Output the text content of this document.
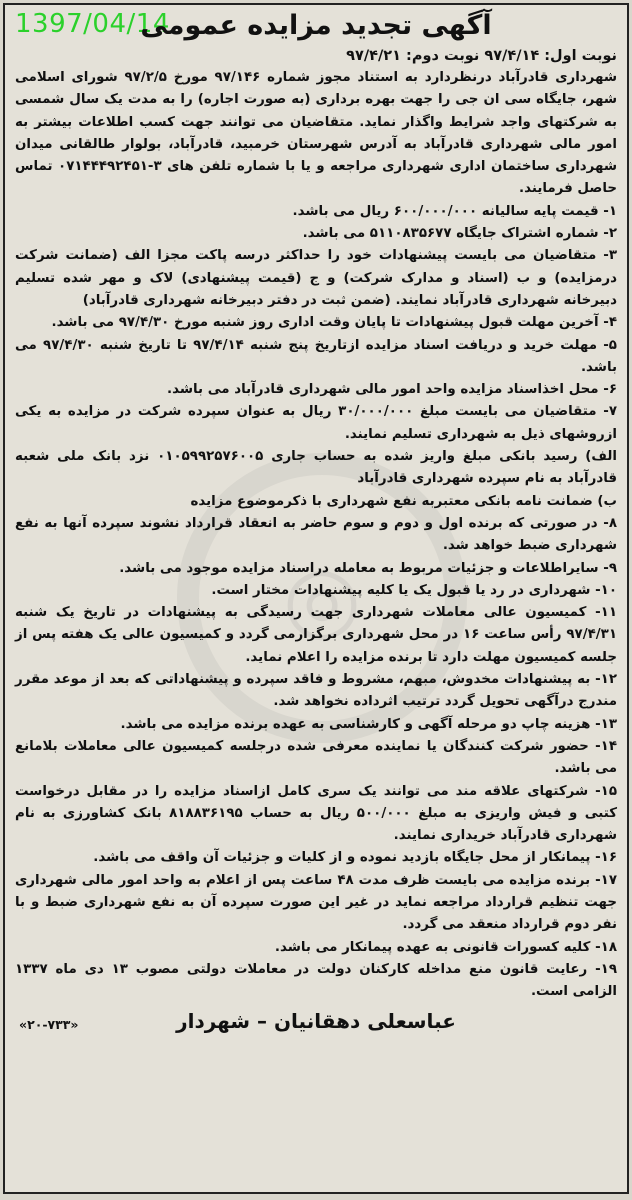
◎
1397/04/14
آگهی تجدید مزایده عمومی
نوبت اول: ۹۷/۴/۱۴ نوبت دوم: ۹۷/۴/۲۱

شهرداری قادرآباد درنظردارد به استناد مجوز شماره ۹۷/۱۴۶ مورخ ۹۷/۲/۵ شورای اسلامی شهر، جایگاه سی ان جی را جهت بهره برداری (به صورت اجاره) را به مدت یک سال شمسی به شرکتهای واجد شرایط واگذار نماید. متقاضیان می توانند جهت کسب اطلاعات بیشتر به امور مالی شهرداری قادرآباد به آدرس شهرستان خرمبید، قادرآباد، بولوار طالقانی میدان شهرداری ساختمان اداری شهرداری مراجعه و یا با شماره تلفن های ۳-۰۷۱۴۴۴۹۲۴۵۱ تماس حاصل فرمایند.

۱- قیمت پایه سالیانه ۶۰۰/۰۰۰/۰۰۰ ریال می باشد.

۲- شماره اشتراک جایگاه ۵۱۱۰۸۳۵۶۷۷ می باشد.

۳- متقاضیان می بایست پیشنهادات خود را حداکثر درسه پاکت مجزا الف (ضمانت شرکت درمزایده) و ب (اسناد و مدارک شرکت) و ج (قیمت پیشنهادی) لاک و مهر شده تسلیم دبیرخانه شهرداری قادرآباد نمایند. (ضمن ثبت در دفتر دبیرخانه شهرداری قادرآباد)

۴- آخرین مهلت قبول پیشنهادات تا پایان وقت اداری روز شنبه مورخ ۹۷/۴/۳۰ می باشد.

۵- مهلت خرید و دریافت اسناد مزایده ازتاریخ پنج شنبه ۹۷/۴/۱۴ تا تاریخ شنبه ۹۷/۴/۳۰ می باشد.

۶- محل اخذاسناد مزایده واحد امور مالی شهرداری قادرآباد می باشد.

۷- متقاضیان می بایست مبلغ ۳۰/۰۰۰/۰۰۰ ریال به عنوان سپرده شرکت در مزایده به یکی ازروشهای ذیل به شهرداری تسلیم نمایند.

الف) رسید بانکی مبلغ واریز شده به حساب جاری ۰۱۰۵۹۹۲۵۷۶۰۰۵ نزد بانک ملی شعبه قادرآباد به نام سپرده شهرداری قادرآباد

ب) ضمانت نامه بانکی معتبربه نفع شهرداری با ذکرموضوع مزایده

۸- در صورتی که برنده اول و دوم و سوم حاضر به انعقاد قرارداد نشوند سپرده آنها به نفع شهرداری ضبط خواهد شد.

۹- سایراطلاعات و جزئیات مربوط به معامله دراسناد مزایده موجود می باشد.

۱۰- شهرداری در رد یا قبول یک یا کلیه پیشنهادات مختار است.

۱۱- کمیسیون عالی معاملات شهرداری جهت رسیدگی به پیشنهادات در تاریخ یک شنبه ۹۷/۴/۳۱ رأس ساعت ۱۶ در محل شهرداری برگزارمی گردد و کمیسیون عالی یک هفته پس از جلسه کمیسیون مهلت دارد تا برنده مزایده را اعلام نماید.

۱۲- به پیشنهادات مخدوش، مبهم، مشروط و فاقد سپرده و پیشنهاداتی که بعد از موعد مقرر مندرج درآگهی تحویل گردد ترتیب اثرداده نخواهد شد.

۱۳- هزینه چاپ دو مرحله آگهی و کارشناسی به عهده برنده مزایده می باشد.

۱۴- حضور شرکت کنندگان یا نماینده معرفی شده درجلسه کمیسیون عالی معاملات بلامانع می باشد.

۱۵- شرکتهای علاقه مند می توانند یک سری کامل ازاسناد مزایده را در مقابل درخواست کتبی و فیش واریزی به مبلغ ۵۰۰/۰۰۰ ریال به حساب ۸۱۸۸۳۶۱۹۵ بانک کشاورزی به نام شهرداری قادرآباد خریداری نمایند.

۱۶- پیمانکار از محل جایگاه بازدید نموده و از کلیات و جزئیات آن واقف می باشد.

۱۷- برنده مزایده می بایست ظرف مدت ۴۸ ساعت پس از اعلام به واحد امور مالی شهرداری جهت تنظیم قرارداد مراجعه نماید در غیر این صورت سپرده آن به نفع شهرداری ضبط و با نفر دوم قرارداد منعقد می گردد.

۱۸- کلیه کسورات قانونی به عهده پیمانکار می باشد.

۱۹- رعایت قانون منع مداخله کارکنان دولت در معاملات دولتی مصوب ۱۳ دی ماه ۱۳۳۷ الزامی است.

عباسعلی دهقانیان – شهردار
«۲۰-۷۳۳»
